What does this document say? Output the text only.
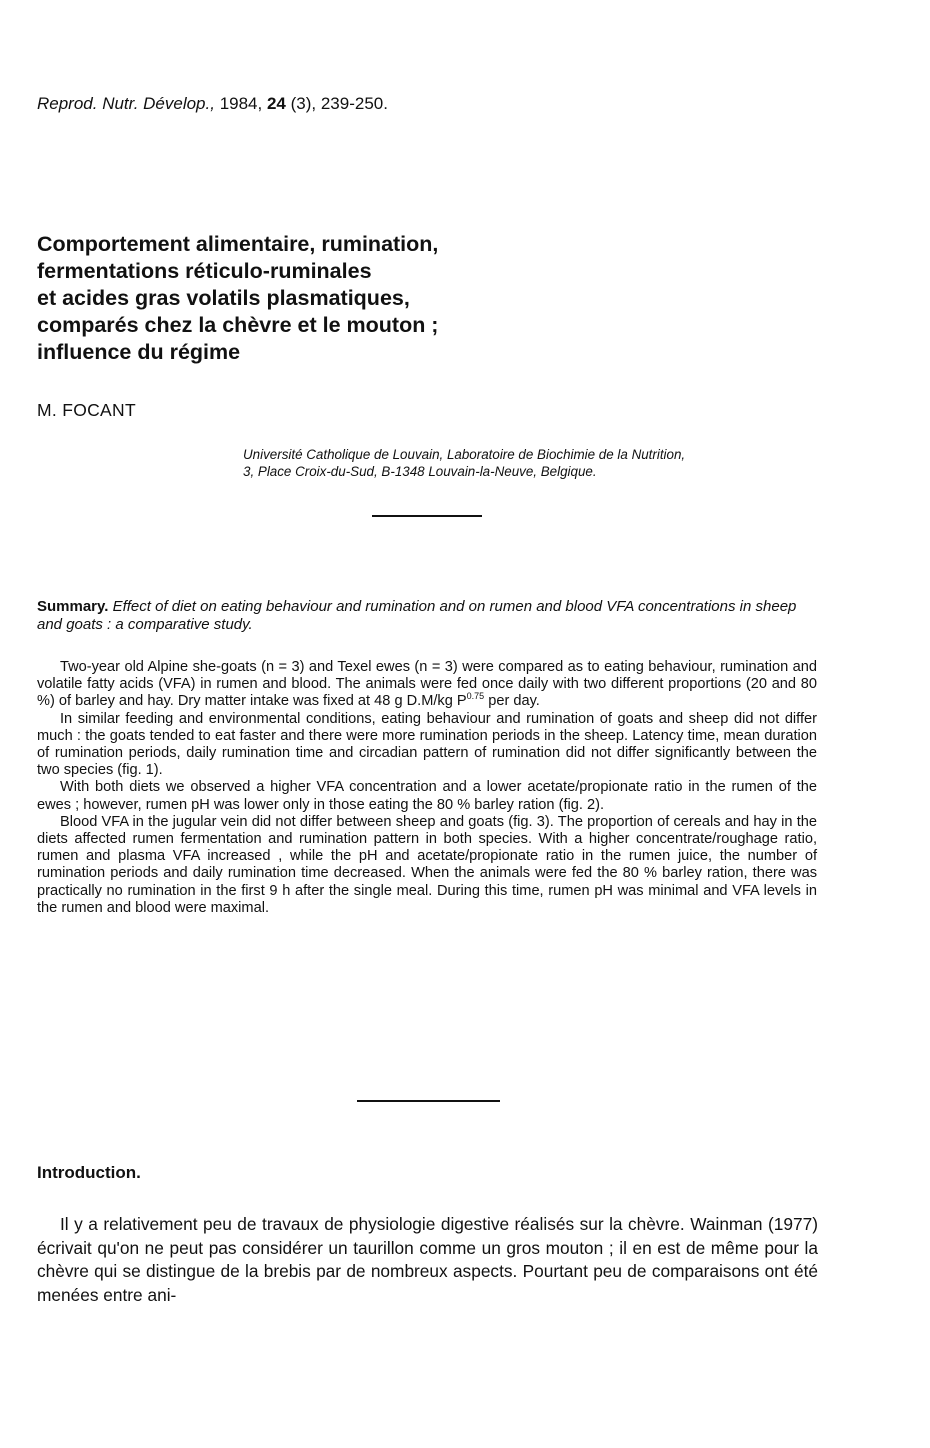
Reprod. Nutr. Dévelop., 1984, 24 (3), 239-250.
Comportement alimentaire, rumination,
fermentations réticulo-ruminales
et acides gras volatils plasmatiques,
comparés chez la chèvre et le mouton ;
influence du régime
M. FOCANT
Université Catholique de Louvain, Laboratoire de Biochimie de la Nutrition,
3, Place Croix-du-Sud, B-1348 Louvain-la-Neuve, Belgique.
Summary. Effect of diet on eating behaviour and rumination and on rumen and blood VFA concentrations in sheep and goats : a comparative study.

Two-year old Alpine she-goats (n = 3) and Texel ewes (n = 3) were compared as to eating behaviour, rumination and volatile fatty acids (VFA) in rumen and blood. The animals were fed once daily with two different proportions (20 and 80 %) of barley and hay. Dry matter intake was fixed at 48 g D.M/kg $P^{0.75}$ per day.

In similar feeding and environmental conditions, eating behaviour and rumination of goats and sheep did not differ much : the goats tended to eat faster and there were more rumination periods in the sheep. Latency time, mean duration of rumination periods, daily rumination time and circadian pattern of rumination did not differ significantly between the two species (fig. 1).

With both diets we observed a higher VFA concentration and a lower acetate/propionate ratio in the rumen of the ewes ; however, rumen pH was lower only in those eating the 80 % barley ration (fig. 2).

Blood VFA in the jugular vein did not differ between sheep and goats (fig. 3). The proportion of cereals and hay in the diets affected rumen fermentation and rumination pattern in both species. With a higher concentrate/roughage ratio, rumen and plasma VFA increased , while the pH and acetate/propionate ratio in the rumen juice, the number of rumination periods and daily rumination time decreased. When the animals were fed the 80 % barley ration, there was practically no rumination in the first 9 h after the single meal. During this time, rumen pH was minimal and VFA levels in the rumen and blood were maximal.

Introduction.

Il y a relativement peu de travaux de physiologie digestive réalisés sur la chèvre. Wainman (1977) écrivait qu'on ne peut pas considérer un taurillon comme un gros mouton ; il en est de même pour la chèvre qui se distingue de la brebis par de nombreux aspects. Pourtant peu de comparaisons ont été menées entre ani-
